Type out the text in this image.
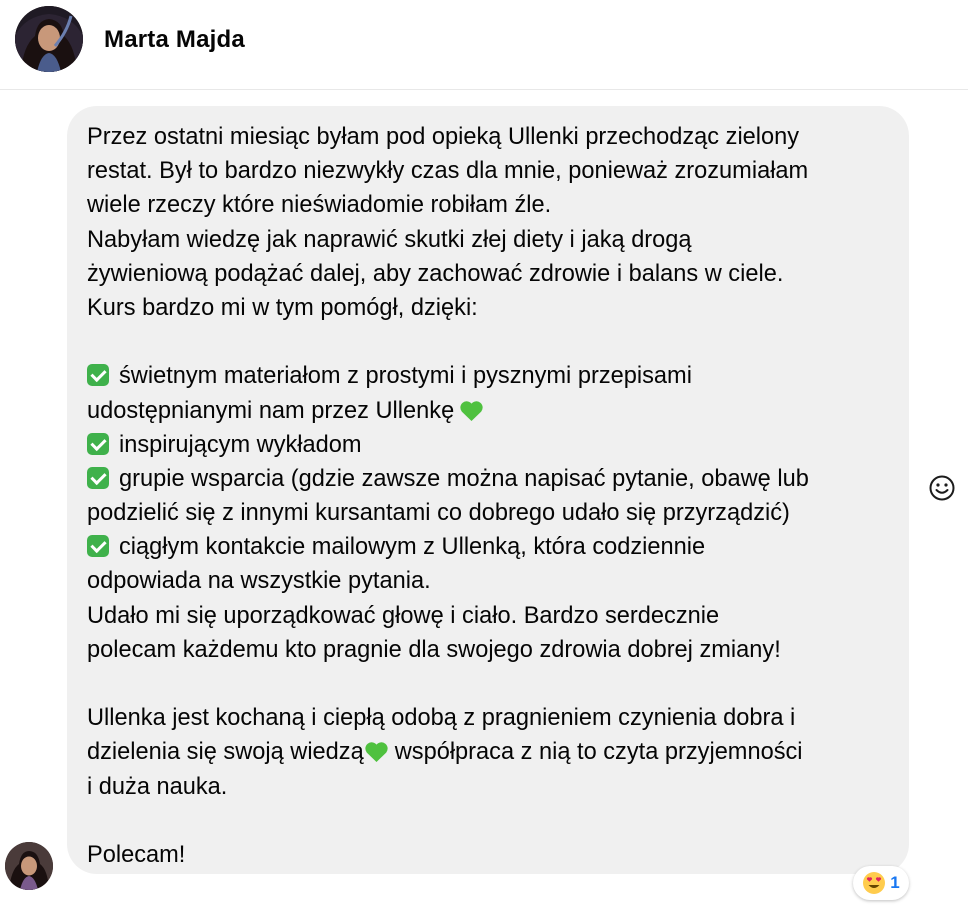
Marta Majda
Przez ostatni miesiąc byłam pod opieką Ullenki przechodząc zielony
restat. Był to bardzo niezwykły czas dla mnie, ponieważ zrozumiałam
wiele rzeczy które nieświadomie robiłam źle.
Nabyłam wiedzę jak naprawić skutki złej diety i jaką drogą
żywieniową podążać dalej, aby zachować zdrowie i balans w ciele.
Kurs bardzo mi w tym pomógł, dzięki:
świetnym materiałom z prostymi i pysznymi przepisami
udostępnianymi nam przez Ullenkę
inspirującym wykładom
grupie wsparcia (gdzie zawsze można napisać pytanie, obawę lub
podzielić się z innymi kursantami co dobrego udało się przyrządzić)
ciągłym kontakcie mailowym z Ullenką, która codziennie
odpowiada na wszystkie pytania.
Udało mi się uporządkować głowę i ciało. Bardzo serdecznie
polecam każdemu kto pragnie dla swojego zdrowia dobrej zmiany!
Ullenka jest kochaną i ciepłą odobą z pragnieniem czynienia dobra i
dzielenia się swoją wiedzą współpraca z nią to czyta przyjemności
i duża nauka.
Polecam!
1
